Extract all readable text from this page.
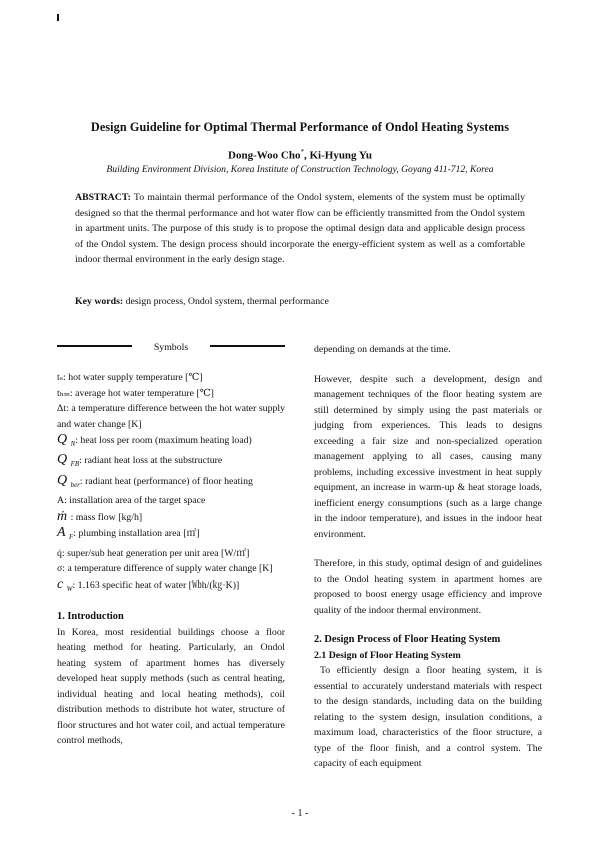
Design Guideline for Optimal Thermal Performance of Ondol Heating Systems
Dong-Woo Cho*, Ki-Hyung Yu
Building Environment Division, Korea Institute of Construction Technology, Goyang 411-712, Korea
ABSTRACT: To maintain thermal performance of the Ondol system, elements of the system must be optimally designed so that the thermal performance and hot water flow can be efficiently transmitted from the Ondol system in apartment units. The purpose of this study is to propose the optimal design data and applicable design process of the Ondol system. The design process should incorporate the energy-efficient system as well as a comfortable indoor thermal environment in the early design stage.
Key words: design process, Ondol system, thermal performance
Symbols

tₛ: hot water supply temperature [℃]

tₕₘ: average hot water temperature [℃]

Δt: a temperature difference between the hot water supply and water change [K]

Q $_N$: heat loss per room (maximum heating load)

Q $_{FB}$: radiant heat loss at the substructure

Q $_{ber}$: radiant heat (performance) of floor heating

A: installation area of the target space

ṁ : mass flow [kg/h]

A $_F$: plumbing installation area [㎡]

q̇: super/sub heat generation per unit area [W/㎡]

σ: a temperature difference of supply water change [K]

c $_W$: 1.163 specific heat of water [㏝h/(㎏·K)]

1. Introduction

In Korea, most residential buildings choose a floor heating method for heating. Particularly, an Ondol heating system of apartment homes has diversely developed heat supply methods (such as central heating, individual heating and local heating methods), coil distribution methods to distribute hot water, structure of floor structures and hot water coil, and actual temperature control methods,

depending on demands at the time.

However, despite such a development, design and management techniques of the floor heating system are still determined by simply using the past materials or judging from experiences. This leads to designs exceeding a fair size and non-specialized operation management applying to all cases, causing many problems, including excessive investment in heat supply equipment, an increase in warm-up & heat storage loads, inefficient energy consumptions (such as a large change in the indoor temperature), and issues in the indoor heat environment.

Therefore, in this study, optimal design of and guidelines to the Ondol heating system in apartment homes are proposed to boost energy usage efficiency and improve quality of the indoor thermal environment.

2. Design Process of Floor Heating System

2.1 Design of Floor Heating System

To efficiently design a floor heating system, it is essential to accurately understand materials with respect to the design standards, including data on the building relating to the system design, insulation conditions, a maximum load, characteristics of the floor structure, a type of the floor finish, and a control system. The capacity of each equipment

- 1 -
